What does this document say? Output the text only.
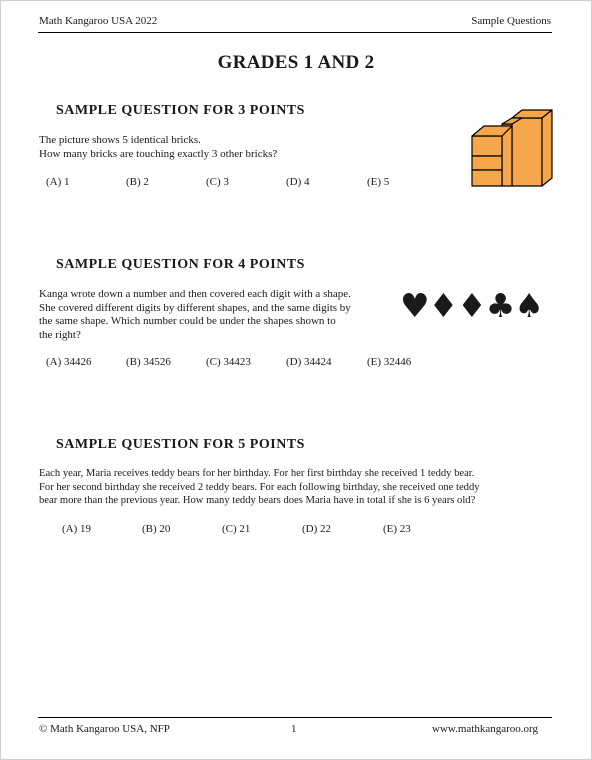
Math Kangaroo USA 2022	Sample Questions
GRADES 1 AND 2
SAMPLE QUESTION FOR 3 POINTS
The picture shows 5 identical bricks.
How many bricks are touching exactly 3 other bricks?
(A) 1	(B) 2	(C) 3	(D) 4	(E) 5
SAMPLE QUESTION FOR 4 POINTS
Kanga wrote down a number and then covered each digit with a shape.
She covered different digits by different shapes, and the same digits by
the same shape. Which number could be under the shapes shown to
the right?
♥♦♦♣♠
(A) 34426	(B) 34526	(C) 34423	(D) 34424	(E) 32446
SAMPLE QUESTION FOR 5 POINTS
Each year, Maria receives teddy bears for her birthday. For her first birthday she received 1 teddy bear.
For her second birthday she received 2 teddy bears. For each following birthday, she received one teddy
bear more than the previous year. How many teddy bears does Maria have in total if she is 6 years old?
(A) 19	(B) 20	(C) 21	(D) 22	(E) 23
© Math Kangaroo USA, NFP	1	www.mathkangaroo.org
